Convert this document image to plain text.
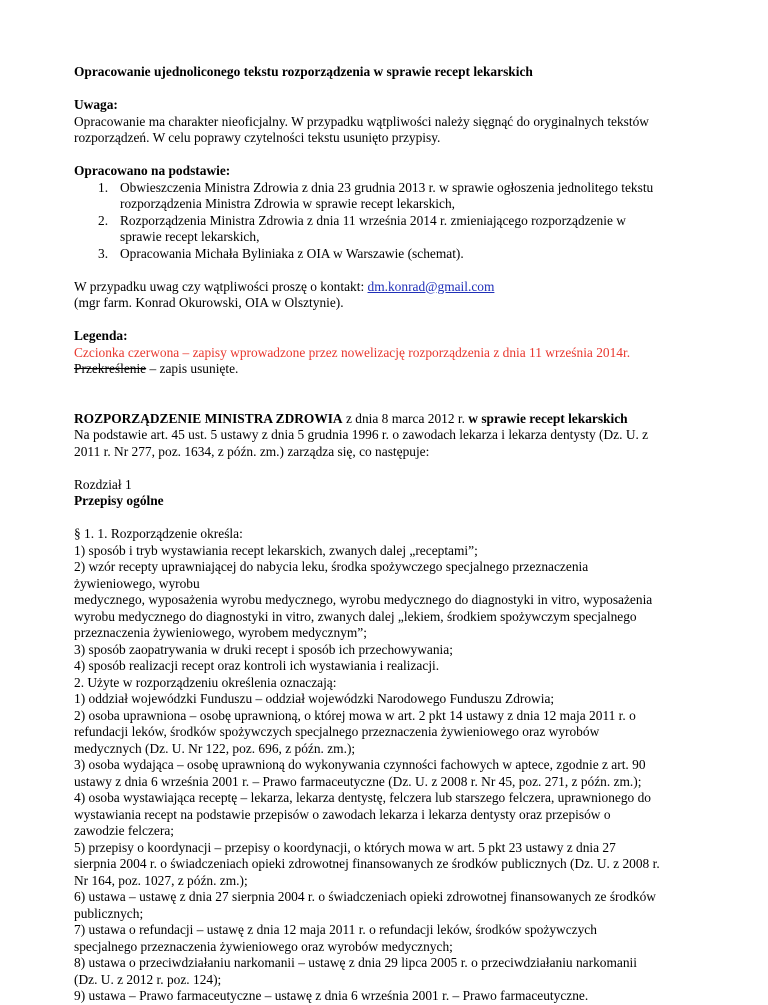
Opracowanie ujednoliconego tekstu rozporządzenia w sprawie recept lekarskich

Uwaga:

Opracowanie ma charakter nieoficjalny. W przypadku wątpliwości należy sięgnąć do oryginalnych tekstów

rozporządzeń. W celu poprawy czytelności tekstu usunięto przypisy.

Opracowano na podstawie:

1. Obwieszczenia Ministra Zdrowia z dnia 23 grudnia 2013 r. w sprawie ogłoszenia jednolitego tekstu
rozporządzenia Ministra Zdrowia w sprawie recept lekarskich,
2. Rozporządzenia Ministra Zdrowia z dnia 11 września 2014 r. zmieniającego rozporządzenie w
sprawie recept lekarskich,
3. Opracowania Michała Byliniaka z OIA w Warszawie (schemat).

W przypadku uwag czy wątpliwości proszę o kontakt: dm.konrad@gmail.com

(mgr farm. Konrad Okurowski, OIA w Olsztynie).

Legenda:

Czcionka czerwona – zapisy wprowadzone przez nowelizację rozporządzenia z dnia 11 września 2014r.

Przekreślenie – zapis usunięte.

ROZPORZĄDZENIE MINISTRA ZDROWIA z dnia 8 marca 2012 r. w sprawie recept lekarskich

Na podstawie art. 45 ust. 5 ustawy z dnia 5 grudnia 1996 r. o zawodach lekarza i lekarza dentysty (Dz. U. z

2011 r. Nr 277, poz. 1634, z późn. zm.) zarządza się, co następuje:

Rozdział 1

Przepisy ogólne

§ 1. 1. Rozporządzenie określa:

1) sposób i tryb wystawiania recept lekarskich, zwanych dalej „receptami”;

2) wzór recepty uprawniającej do nabycia leku, środka spożywczego specjalnego przeznaczenia

żywieniowego, wyrobu

medycznego, wyposażenia wyrobu medycznego, wyrobu medycznego do diagnostyki in vitro, wyposażenia

wyrobu medycznego do diagnostyki in vitro, zwanych dalej „lekiem, środkiem spożywczym specjalnego

przeznaczenia żywieniowego, wyrobem medycznym”;

3) sposób zaopatrywania w druki recept i sposób ich przechowywania;

4) sposób realizacji recept oraz kontroli ich wystawiania i realizacji.

2. Użyte w rozporządzeniu określenia oznaczają:

1) oddział wojewódzki Funduszu – oddział wojewódzki Narodowego Funduszu Zdrowia;

2) osoba uprawniona – osobę uprawnioną, o której mowa w art. 2 pkt 14 ustawy z dnia 12 maja 2011 r. o

refundacji leków, środków spożywczych specjalnego przeznaczenia żywieniowego oraz wyrobów

medycznych (Dz. U. Nr 122, poz. 696, z późn. zm.);

3) osoba wydająca – osobę uprawnioną do wykonywania czynności fachowych w aptece, zgodnie z art. 90

ustawy z dnia 6 września 2001 r. – Prawo farmaceutyczne (Dz. U. z 2008 r. Nr 45, poz. 271, z późn. zm.);

4) osoba wystawiająca receptę – lekarza, lekarza dentystę, felczera lub starszego felczera, uprawnionego do

wystawiania recept na podstawie przepisów o zawodach lekarza i lekarza dentysty oraz przepisów o

zawodzie felczera;

5) przepisy o koordynacji – przepisy o koordynacji, o których mowa w art. 5 pkt 23 ustawy z dnia 27

sierpnia 2004 r. o świadczeniach opieki zdrowotnej finansowanych ze środków publicznych (Dz. U. z 2008 r.

Nr 164, poz. 1027, z późn. zm.);

6) ustawa – ustawę z dnia 27 sierpnia 2004 r. o świadczeniach opieki zdrowotnej finansowanych ze środków

publicznych;

7) ustawa o refundacji – ustawę z dnia 12 maja 2011 r. o refundacji leków, środków spożywczych

specjalnego przeznaczenia żywieniowego oraz wyrobów medycznych;

8) ustawa o przeciwdziałaniu narkomanii – ustawę z dnia 29 lipca 2005 r. o przeciwdziałaniu narkomanii

(Dz. U. z 2012 r. poz. 124);

9) ustawa – Prawo farmaceutyczne – ustawę z dnia 6 września 2001 r. – Prawo farmaceutyczne.
